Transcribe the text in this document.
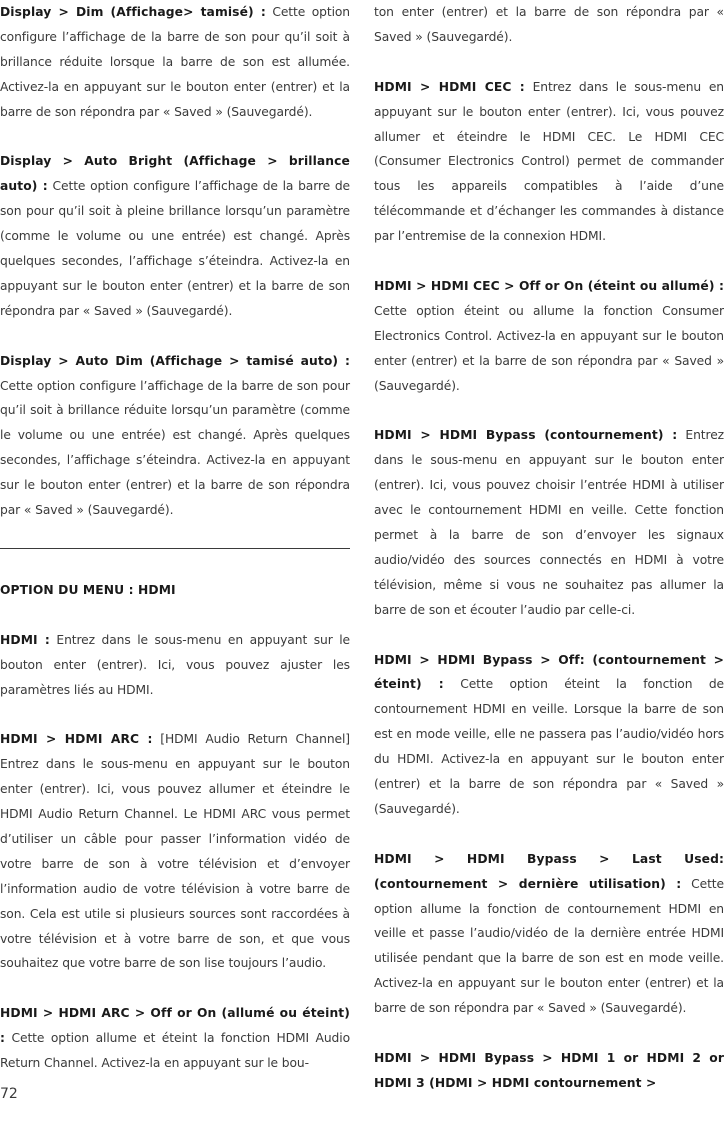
Display > Dim (Affichage> tamisé) : Cette option configure l’affichage de la barre de son pour qu’il soit à brillance réduite lorsque la barre de son est allumée. Activez-la en appuyant sur le bouton enter (entrer) et la barre de son répondra par « Saved » (Sauvegardé).

Display > Auto Bright (Affichage > brillance auto) : Cette option configure l’affichage de la barre de son pour qu’il soit à pleine brillance lorsqu’un paramètre (comme le volume ou une entrée) est changé. Après quelques secondes, l’affichage s’éteindra. Activez-la en appuyant sur le bouton enter (entrer) et la barre de son répondra par « Saved » (Sauvegardé).

Display > Auto Dim (Affichage > tamisé auto) : Cette option configure l’affichage de la barre de son pour qu’il soit à brillance réduite lorsqu’un paramètre (comme le volume ou une entrée) est changé. Après quelques secondes, l’affichage s’éteindra. Activez-la en appuyant sur le bouton enter (entrer) et la barre de son répondra par « Saved » (Sauvegardé).

OPTION DU MENU : HDMI

HDMI : Entrez dans le sous-menu en appuyant sur le bouton enter (entrer). Ici, vous pouvez ajuster les paramètres liés au HDMI.

HDMI > HDMI ARC : [HDMI Audio Return Channel] Entrez dans le sous-menu en appuyant sur le bouton enter (entrer). Ici, vous pouvez allumer et éteindre le HDMI Audio Return Channel. Le HDMI ARC vous permet d’utiliser un câble pour passer l’information vidéo de votre barre de son à votre télévision et d’envoyer l’information audio de votre télévision à votre barre de son. Cela est utile si plusieurs sources sont raccordées à votre télévision et à votre barre de son, et que vous souhaitez que votre barre de son lise toujours l’audio.

HDMI > HDMI ARC > Off or On (allumé ou éteint) : Cette option allume et éteint la fonction HDMI Audio Return Channel. Activez-la en appuyant sur le bou-

ton enter (entrer) et la barre de son répondra par « Saved » (Sauvegardé).

HDMI > HDMI CEC : Entrez dans le sous-menu en appuyant sur le bouton enter (entrer). Ici, vous pouvez allumer et éteindre le HDMI CEC. Le HDMI CEC (Consumer Electronics Control) permet de commander tous les appareils compatibles à l’aide d’une télécommande et d’échanger les commandes à distance par l’entremise de la connexion HDMI.

HDMI > HDMI CEC > Off or On (éteint ou allumé) : Cette option éteint ou allume la fonction Consumer Electronics Control. Activez-la en appuyant sur le bouton enter (entrer) et la barre de son répondra par « Saved » (Sauvegardé).

HDMI > HDMI Bypass (contournement) : Entrez dans le sous-menu en appuyant sur le bouton enter (entrer). Ici, vous pouvez choisir l’entrée HDMI à utiliser avec le contournement HDMI en veille. Cette fonction permet à la barre de son d’envoyer les signaux audio/vidéo des sources connectés en HDMI à votre télévision, même si vous ne souhaitez pas allumer la barre de son et écouter l’audio par celle-ci.

HDMI > HDMI Bypass > Off: (contournement > éteint) : Cette option éteint la fonction de contournement HDMI en veille. Lorsque la barre de son est en mode veille, elle ne passera pas l’audio/vidéo hors du HDMI. Activez-la en appuyant sur le bouton enter (entrer) et la barre de son répondra par « Saved » (Sauvegardé).

HDMI > HDMI Bypass > Last Used: (contournement > dernière utilisation) : Cette option allume la fonction de contournement HDMI en veille et passe l’audio/vidéo de la dernière entrée HDMI utilisée pendant que la barre de son est en mode veille. Activez-la en appuyant sur le bouton enter (entrer) et la barre de son répondra par « Saved » (Sauvegardé).

HDMI > HDMI Bypass > HDMI 1 or HDMI 2 or HDMI 3 (HDMI > HDMI contournement >

72
